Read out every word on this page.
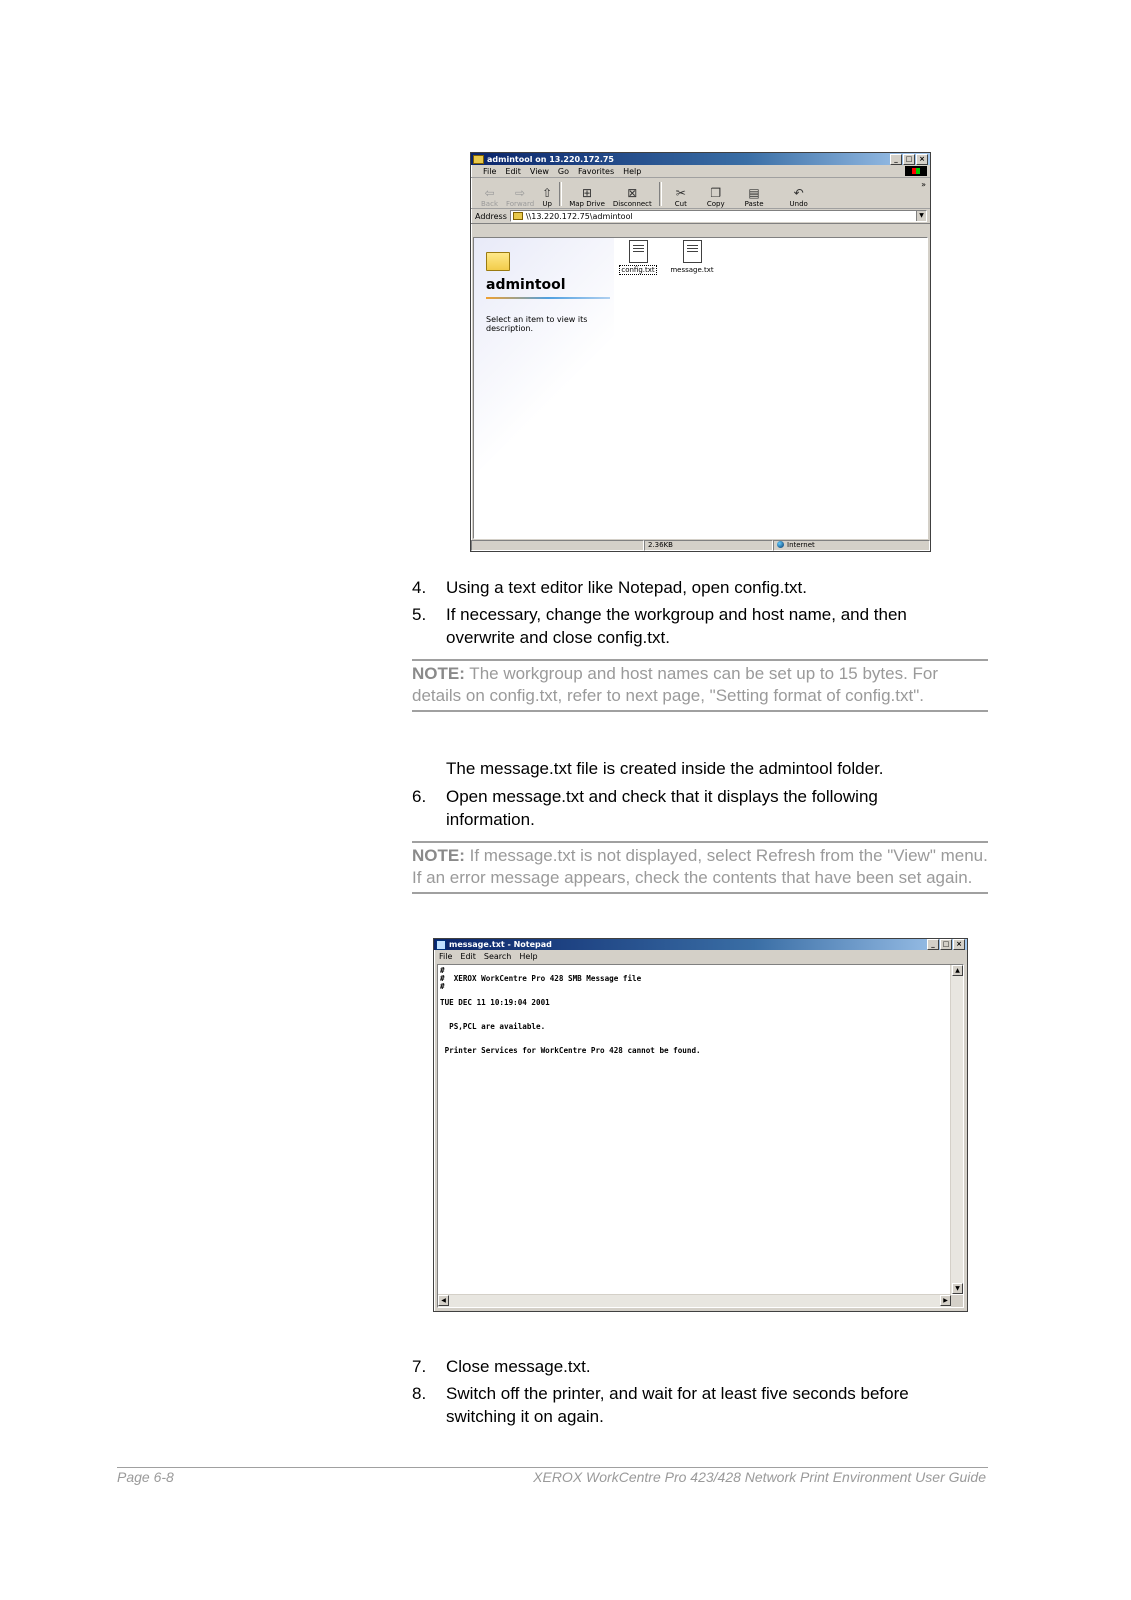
admintool on 13.220.172.75	_	□ ×
File Edit View Go Favorites Help
⇦
Back
⇨
Forward
⇧
Up
⊞
Map Drive
⊠
Disconnect
✂
Cut
❐
Copy
▤
Paste
↶
Undo
»
Address \\13.220.172.75\admintool	▼
admintool
Select an item to view its description.
config.txt	message.txt
2.36KB	Internet
4. Using a text editor like Notepad, open config.txt.
5. If necessary, change the workgroup and host name, and then overwrite and close config.txt.
NOTE: The workgroup and host names can be set up to 15 bytes. For details on config.txt, refer to next page, "Setting format of config.txt".
The message.txt file is created inside the admintool folder.
6. Open message.txt and check that it displays the following information.
NOTE: If message.txt is not displayed, select Refresh from the "View" menu. If an error message appears, check the contents that have been set again.
message.txt - Notepad	_	□ ×
File Edit Search Help
#
#  XEROX WorkCentre Pro 428 SMB Message file
#

TUE DEC 11 10:19:04 2001

PS,PCL are available.

Printer Services for WorkCentre Pro 428 cannot be found.
▲
▼
◀	▶
7. Close message.txt.
8. Switch off the printer, and wait for at least five seconds before switching it on again.
Page 6-8	XEROX WorkCentre Pro 423/428 Network Print Environment User Guide
